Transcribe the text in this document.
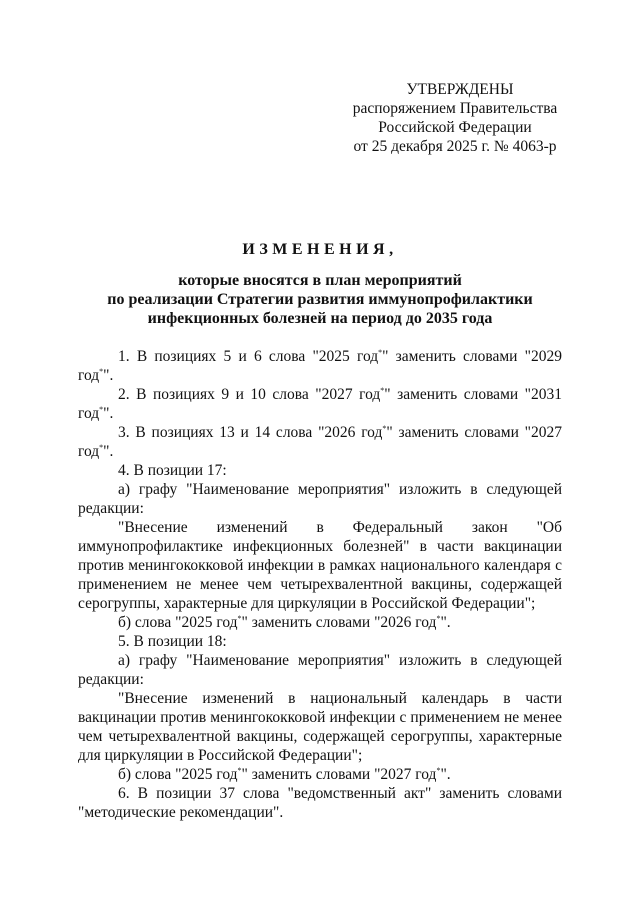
УТВЕРЖДЕНЫ
распоряжением Правительства
Российской Федерации
от 25 декабря 2025 г. № 4063-р
ИЗМЕНЕНИЯ,
которые вносятся в план мероприятий
по реализации Стратегии развития иммунопрофилактики
инфекционных болезней на период до 2035 года

1. В позициях 5 и 6 слова "2025 год*" заменить словами "2029 год*".

2. В позициях 9 и 10 слова "2027 год*" заменить словами "2031 год*".

3. В позициях 13 и 14 слова "2026 год*" заменить словами "2027 год*".

4. В позиции 17:

а) графу "Наименование мероприятия" изложить в следующей редакции:

"Внесение изменений в Федеральный закон "Об иммунопрофилактике инфекционных болезней" в части вакцинации против менингококковой инфекции в рамках национального календаря с применением не менее чем четырехвалентной вакцины, содержащей серогруппы, характерные для циркуляции в Российской Федерации";

б) слова "2025 год*" заменить словами "2026 год*".

5. В позиции 18:

а) графу "Наименование мероприятия" изложить в следующей редакции:

"Внесение изменений в национальный календарь в части вакцинации против менингококковой инфекции с применением не менее чем четырехвалентной вакцины, содержащей серогруппы, характерные для циркуляции в Российской Федерации";

б) слова "2025 год*" заменить словами "2027 год*".

6. В позиции 37 слова "ведомственный акт" заменить словами "методические рекомендации".
